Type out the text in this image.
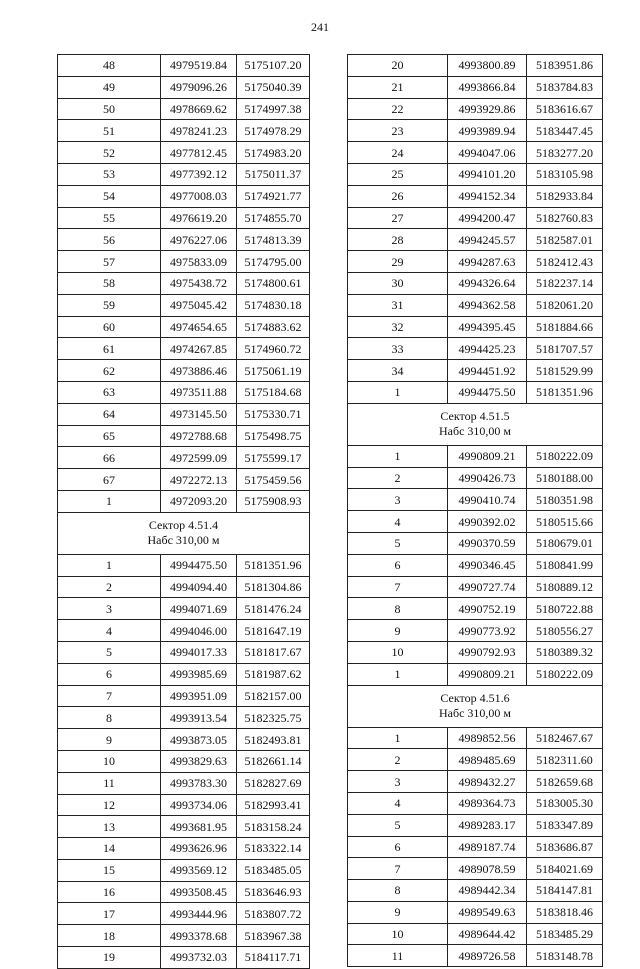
241
48	4979519.84	5175107.20
49	4979096.26	5175040.39
50	4978669.62	5174997.38
51	4978241.23	5174978.29
52	4977812.45	5174983.20
53	4977392.12	5175011.37
54	4977008.03	5174921.77
55	4976619.20	5174855.70
56	4976227.06	5174813.39
57	4975833.09	5174795.00
58	4975438.72	5174800.61
59	4975045.42	5174830.18
60	4974654.65	5174883.62
61	4974267.85	5174960.72
62	4973886.46	5175061.19
63	4973511.88	5175184.68
64	4973145.50	5175330.71
65	4972788.68	5175498.75
66	4972599.09	5175599.17
67	4972272.13	5175459.56
1	4972093.20	5175908.93

Сектор 4.51.4
Набс 310,00 м		

1	4994475.50	5181351.96
2	4994094.40	5181304.86
3	4994071.69	5181476.24
4	4994046.00	5181647.19
5	4994017.33	5181817.67
6	4993985.69	5181987.62
7	4993951.09	5182157.00
8	4993913.54	5182325.75
9	4993873.05	5182493.81
10	4993829.63	5182661.14
11	4993783.30	5182827.69
12	4993734.06	5182993.41
13	4993681.95	5183158.24
14	4993626.96	5183322.14
15	4993569.12	5183485.05
16	4993508.45	5183646.93
17	4993444.96	5183807.72
18	4993378.68	5183967.38
19	4993732.03	5184117.71
20	4993800.89	5183951.86
21	4993866.84	5183784.83
22	4993929.86	5183616.67
23	4993989.94	5183447.45
24	4994047.06	5183277.20
25	4994101.20	5183105.98
26	4994152.34	5182933.84
27	4994200.47	5182760.83
28	4994245.57	5182587.01
29	4994287.63	5182412.43
30	4994326.64	5182237.14
31	4994362.58	5182061.20
32	4994395.45	5181884.66
33	4994425.23	5181707.57
34	4994451.92	5181529.99
1	4994475.50	5181351.96

Сектор 4.51.5
Набс 310,00 м		

1	4990809.21	5180222.09
2	4990426.73	5180188.00
3	4990410.74	5180351.98
4	4990392.02	5180515.66
5	4990370.59	5180679.01
6	4990346.45	5180841.99
7	4990727.74	5180889.12
8	4990752.19	5180722.88
9	4990773.92	5180556.27
10	4990792.93	5180389.32
1	4990809.21	5180222.09

Сектор 4.51.6
Набс 310,00 м		

1	4989852.56	5182467.67
2	4989485.69	5182311.60
3	4989432.27	5182659.68
4	4989364.73	5183005.30
5	4989283.17	5183347.89
6	4989187.74	5183686.87
7	4989078.59	5184021.69
8	4989442.34	5184147.81
9	4989549.63	5183818.46
10	4989644.42	5183485.29
11	4989726.58	5183148.78
